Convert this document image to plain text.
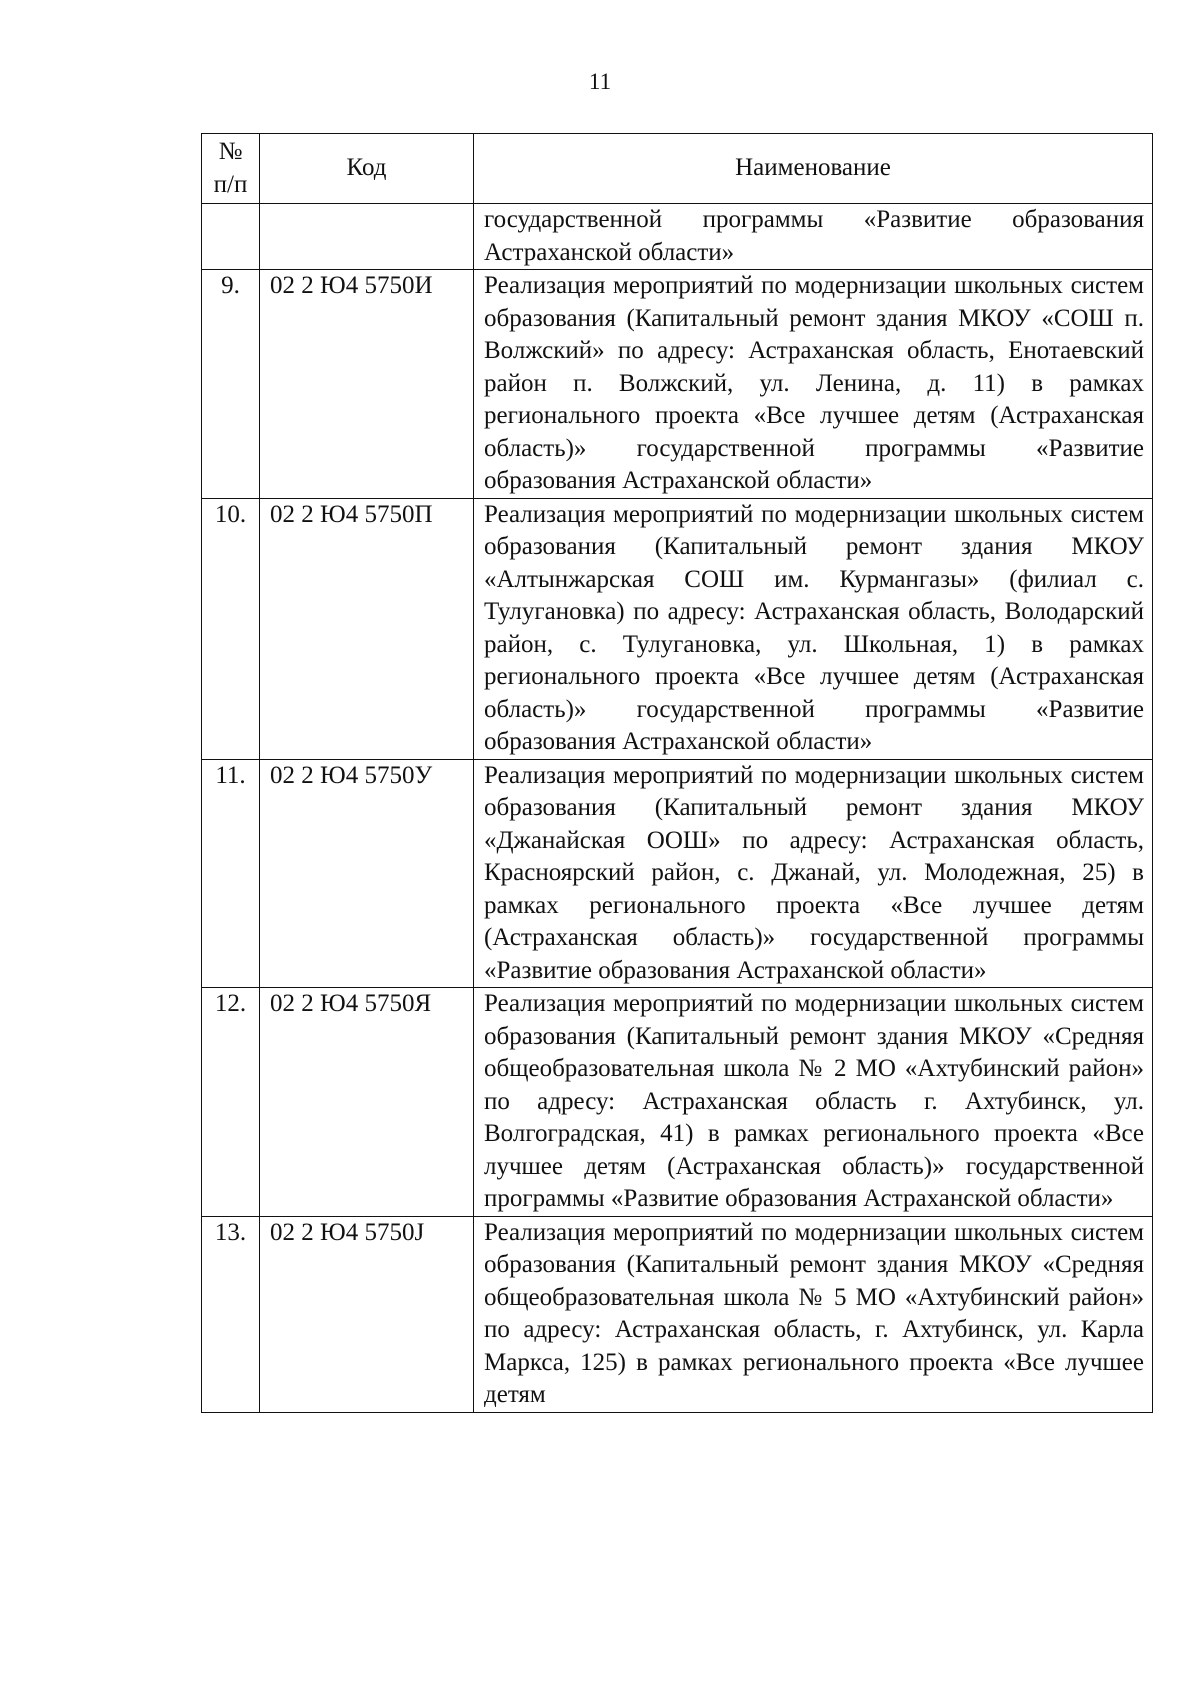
11
№ п/п	Код	Наименование
		государственной программы «Развитие образования Астраханской области»
9.	02 2 Ю4 5750И	Реализация мероприятий по модернизации школьных систем образования (Капитальный ремонт здания МКОУ «СОШ п. Волжский» по адресу: Астраханская область, Енотаевский район п. Волжский, ул. Ленина, д. 11) в рамках регионального проекта «Все лучшее детям (Астраханская область)» государственной программы «Развитие образования Астраханской области»
10.	02 2 Ю4 5750П	Реализация мероприятий по модернизации школьных систем образования (Капитальный ремонт здания МКОУ «Алтынжарская СОШ им. Курмангазы» (филиал с. Тулугановка) по адресу: Астраханская область, Володарский район, с. Тулугановка, ул. Школьная, 1) в рамках регионального проекта «Все лучшее детям (Астраханская область)» государственной программы «Развитие образования Астраханской области»
11.	02 2 Ю4 5750У	Реализация мероприятий по модернизации школьных систем образования (Капитальный ремонт здания МКОУ «Джанайская ООШ» по адресу: Астраханская область, Красноярский район, с. Джанай, ул. Молодежная, 25) в рамках регионального проекта «Все лучшее детям (Астраханская область)» государственной программы «Развитие образования Астраханской области»
12.	02 2 Ю4 5750Я	Реализация мероприятий по модернизации школьных систем образования (Капитальный ремонт здания МКОУ «Средняя общеобразовательная школа № 2 МО «Ахтубинский район» по адресу: Астраханская область г. Ахтубинск, ул. Волгоградская, 41) в рамках регионального проекта «Все лучшее детям (Астраханская область)» государственной программы «Развитие образования Астраханской области»
13.	02 2 Ю4 5750J	Реализация мероприятий по модернизации школьных систем образования (Капитальный ремонт здания МКОУ «Средняя общеобразовательная школа № 5 МО «Ахтубинский район» по адресу: Астраханская область, г. Ахтубинск, ул. Карла Маркса, 125) в рамках регионального проекта «Все лучшее детям
